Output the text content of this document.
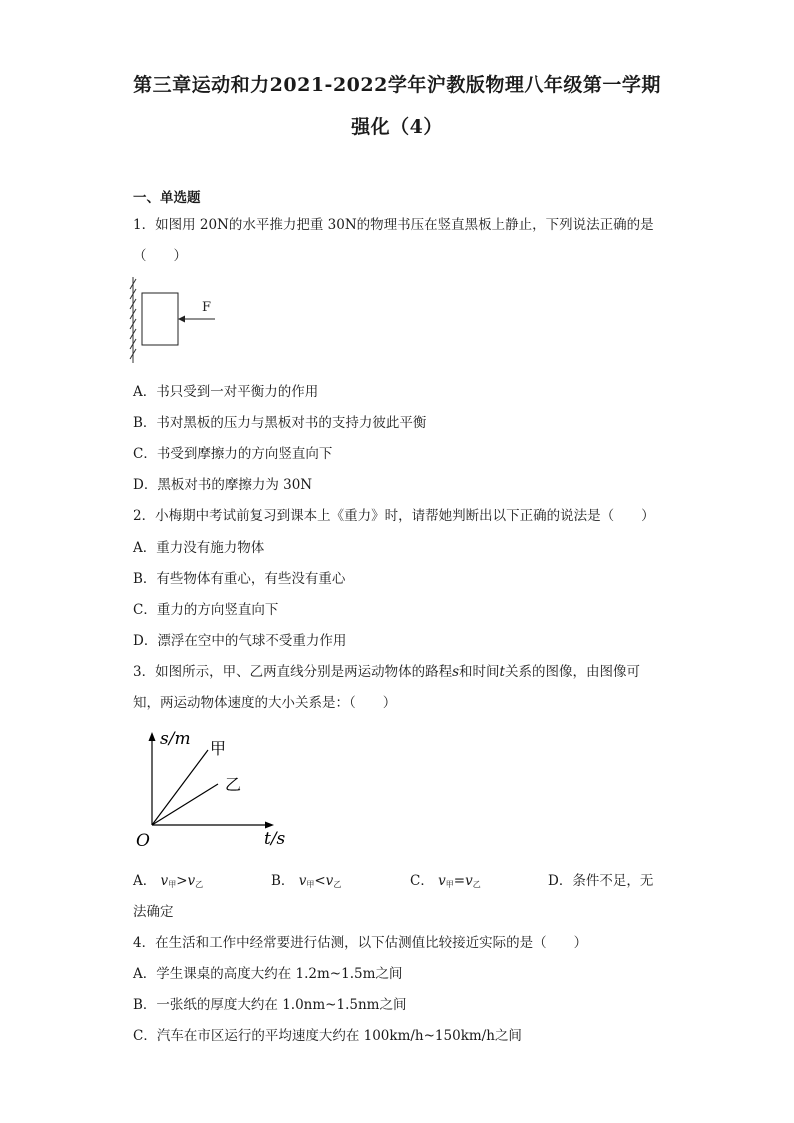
第三章运动和力2021-2022学年沪教版物理八年级第一学期
强化（4）
一、单选题
1．如图用 20N的水平推力把重 30N的物理书压在竖直黑板上静止，下列说法正确的是
（　　）
F
A．书只受到一对平衡力的作用
B．书对黑板的压力与黑板对书的支持力彼此平衡
C．书受到摩擦力的方向竖直向下
D．黑板对书的摩擦力为 30N
2．小梅期中考试前复习到课本上《重力》时，请帮她判断出以下正确的说法是（　　）
A．重力没有施力物体
B．有些物体有重心，有些没有重心
C．重力的方向竖直向下
D．漂浮在空中的气球不受重力作用
3．如图所示，甲、乙两直线分别是两运动物体的路程s和时间t关系的图像，由图像可
知，两运动物体速度的大小关系是：（　　）
s/m 甲
乙
O	t/s
A． $v_甲>v_乙$	B． $v_甲<v_乙$	C． $v_甲=v_乙$	D．条件不足，无
法确定
4．在生活和工作中经常要进行估测，以下估测值比较接近实际的是（　　）
A．学生课桌的高度大约在 1.2m~1.5m之间
B．一张纸的厚度大约在 1.0nm~1.5nm之间
C．汽车在市区运行的平均速度大约在 100km/h~150km/h之间
